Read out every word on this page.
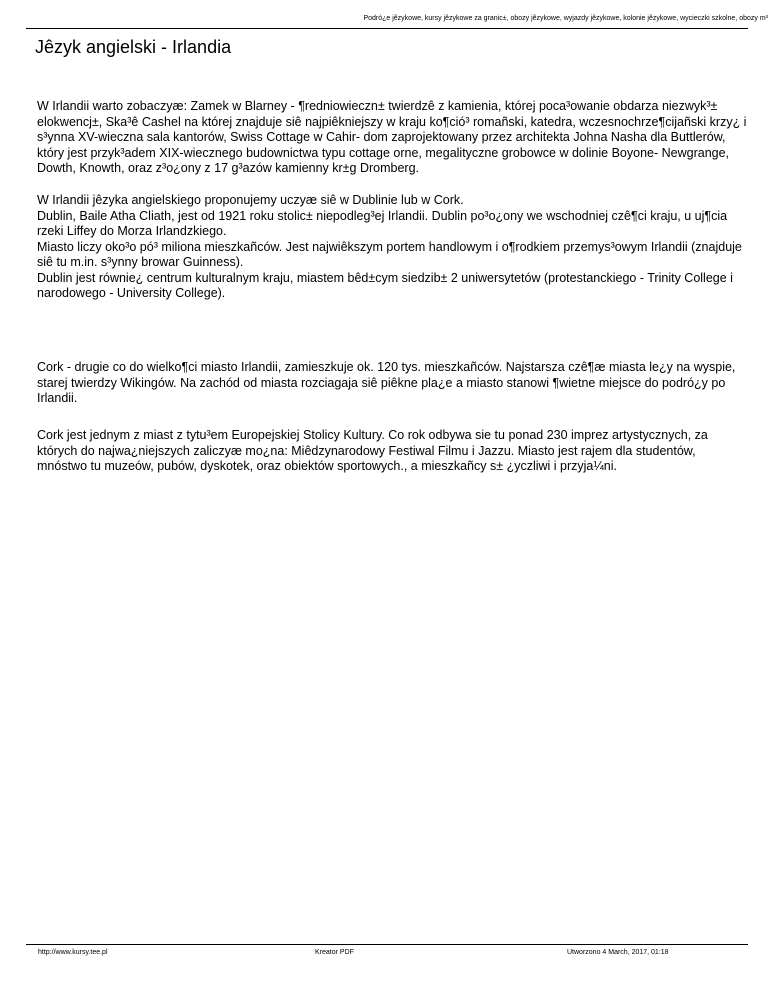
Podró¿e jêzykowe, kursy jêzykowe za granic±, obozy jêzykowe, wyjazdy jêzykowe, kolonie jêzykowe, wycieczki szkolne, obozy m³
Jêzyk angielski - Irlandia

W Irlandii warto zobaczyæ: Zamek w Blarney - ¶redniowieczn± twierdzê z kamienia, której poca³owanie obdarza niezwyk³± elokwencj±, Ska³ê Cashel na której znajduje siê najpiêkniejszy w kraju ko¶ció³ romañski, katedra, wczesnochrze¶cijañski krzy¿ i s³ynna XV-wieczna sala kantorów, Swiss Cottage w Cahir- dom zaprojektowany przez architekta Johna Nasha dla Buttlerów, który jest przyk³adem XIX-wiecznego budownictwa typu cottage orne, megalityczne grobowce w dolinie Boyone- Newgrange, Dowth, Knowth, oraz z³o¿ony z 17 g³azów kamienny kr±g Dromberg.

W Irlandii jêzyka angielskiego proponujemy uczyæ siê w Dublinie lub w Cork.
Dublin, Baile Atha Cliath, jest od 1921 roku stolic± niepodleg³ej Irlandii. Dublin po³o¿ony we wschodniej czê¶ci kraju, u uj¶cia rzeki Liffey do Morza Irlandzkiego.
Miasto liczy oko³o pó³ miliona mieszkañców. Jest najwiêkszym portem handlowym i o¶rodkiem przemys³owym Irlandii (znajduje siê tu m.in. s³ynny browar Guinness).
Dublin jest równie¿ centrum kulturalnym kraju, miastem bêd±cym siedzib± 2 uniwersytetów (protestanckiego - Trinity College i narodowego - University College).

Cork - drugie co do wielko¶ci miasto Irlandii, zamieszkuje ok. 120 tys. mieszkañców. Najstarsza czê¶æ miasta le¿y na wyspie, starej twierdzy Wikingów. Na zachód od miasta rozciagaja siê piêkne pla¿e a miasto stanowi ¶wietne miejsce do podró¿y po Irlandii.

Cork jest jednym z miast z tytu³em Europejskiej Stolicy Kultury. Co rok odbywa sie tu ponad 230 imprez artystycznych, za których do najwa¿niejszych zaliczyæ mo¿na: Miêdzynarodowy Festiwal Filmu i Jazzu. Miasto jest rajem dla studentów, mnóstwo tu muzeów, pubów, dyskotek, oraz obiektów sportowych., a mieszkañcy s± ¿yczliwi i przyja¼ni.

http://www.kursy.tee.pl	Kreator PDF	Utworzono 4 March, 2017, 01:18
